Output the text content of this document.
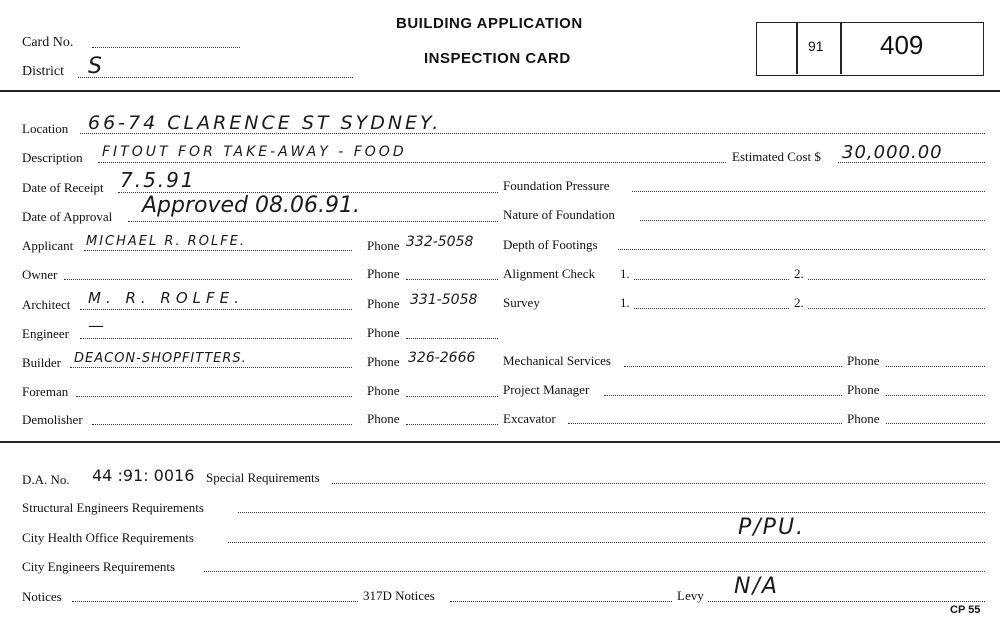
Card No.
District S
BUILDING APPLICATION
INSPECTION CARD
91 409
Location 66-74 CLARENCE ST SYDNEY.
Description FITOUT FOR TAKE-AWAY - FOOD	Estimated Cost $ 30,000.00
Date of Receipt 7.5.91	Foundation Pressure
Date of Approval Approved 08.06.91.	Nature of Foundation
Applicant MICHAEL R. ROLFE.	Phone 332-5058 Depth of Footings
Owner	Phone	Alignment Check 1.	2.
Architect M. R. ROLFE.	Phone 331-5058 Survey	1.	2.
Engineer —	Phone
Builder DEACON-SHOPFITTERS.	Phone 326-2666 Mechanical Services	Phone
Foreman	Phone	Project Manager	Phone
Demolisher	Phone	Excavator	Phone
D.A. No. 44 :91: 0016 Special Requirements
Structural Engineers Requirements
City Health Office Requirements	P/PU.
City Engineers Requirements
Notices	317D Notices	Levy N/A
CP 55
